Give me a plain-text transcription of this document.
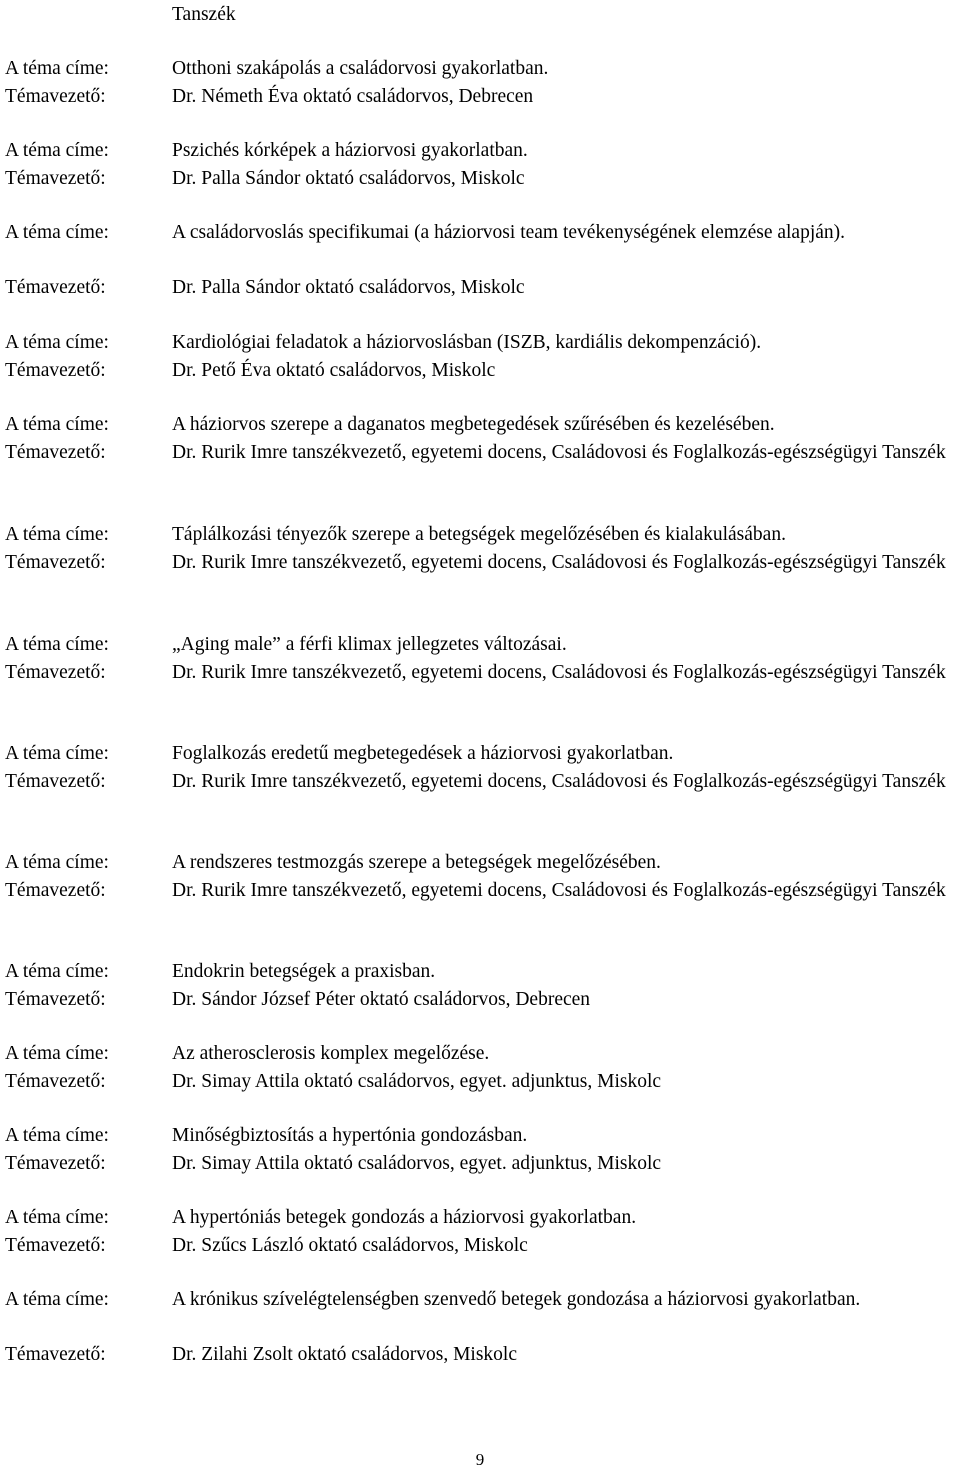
Tanszék
A téma címe:	Otthoni szakápolás a családorvosi gyakorlatban.
Témavezető:	Dr. Németh Éva oktató családorvos, Debrecen
A téma címe:	Pszichés kórképek a háziorvosi gyakorlatban.
Témavezető:	Dr. Palla Sándor oktató családorvos, Miskolc
A téma címe:	A családorvoslás specifikumai (a háziorvosi team tevékenységének elemzése alapján).
Témavezető:	Dr. Palla Sándor oktató családorvos, Miskolc
A téma címe:	Kardiológiai feladatok a háziorvoslásban (ISZB, kardiális dekompenzáció).
Témavezető:	Dr. Pető Éva oktató családorvos, Miskolc
A téma címe:	A háziorvos szerepe a daganatos megbetegedések szűrésében és kezelésében.
Témavezető:	Dr. Rurik Imre tanszékvezető, egyetemi docens, Családovosi és Foglalkozás-egészségügyi Tanszék
A téma címe:	Táplálkozási tényezők szerepe a betegségek megelőzésében és kialakulásában.
Témavezető:	Dr. Rurik Imre tanszékvezető, egyetemi docens, Családovosi és Foglalkozás-egészségügyi Tanszék
A téma címe:	„Aging male” a férfi klimax jellegzetes változásai.
Témavezető:	Dr. Rurik Imre tanszékvezető, egyetemi docens, Családovosi és Foglalkozás-egészségügyi Tanszék
A téma címe:	Foglalkozás eredetű megbetegedések a háziorvosi gyakorlatban.
Témavezető:	Dr. Rurik Imre tanszékvezető, egyetemi docens, Családovosi és Foglalkozás-egészségügyi Tanszék
A téma címe:	A rendszeres testmozgás szerepe a betegségek megelőzésében.
Témavezető:	Dr. Rurik Imre tanszékvezető, egyetemi docens, Családovosi és Foglalkozás-egészségügyi Tanszék
A téma címe:	Endokrin betegségek a praxisban.
Témavezető:	Dr. Sándor József Péter oktató családorvos, Debrecen
A téma címe:	Az atherosclerosis komplex megelőzése.
Témavezető:	Dr. Simay Attila oktató családorvos, egyet. adjunktus, Miskolc
A téma címe:	Minőségbiztosítás a hypertónia gondozásban.
Témavezető:	Dr. Simay Attila oktató családorvos, egyet. adjunktus, Miskolc
A téma címe:	A hypertóniás betegek gondozás a háziorvosi gyakorlatban.
Témavezető:	Dr. Szűcs László oktató családorvos, Miskolc
A téma címe:	A krónikus szívelégtelenségben szenvedő betegek gondozása a háziorvosi gyakorlatban.
Témavezető:	Dr. Zilahi Zsolt oktató családorvos, Miskolc
9
